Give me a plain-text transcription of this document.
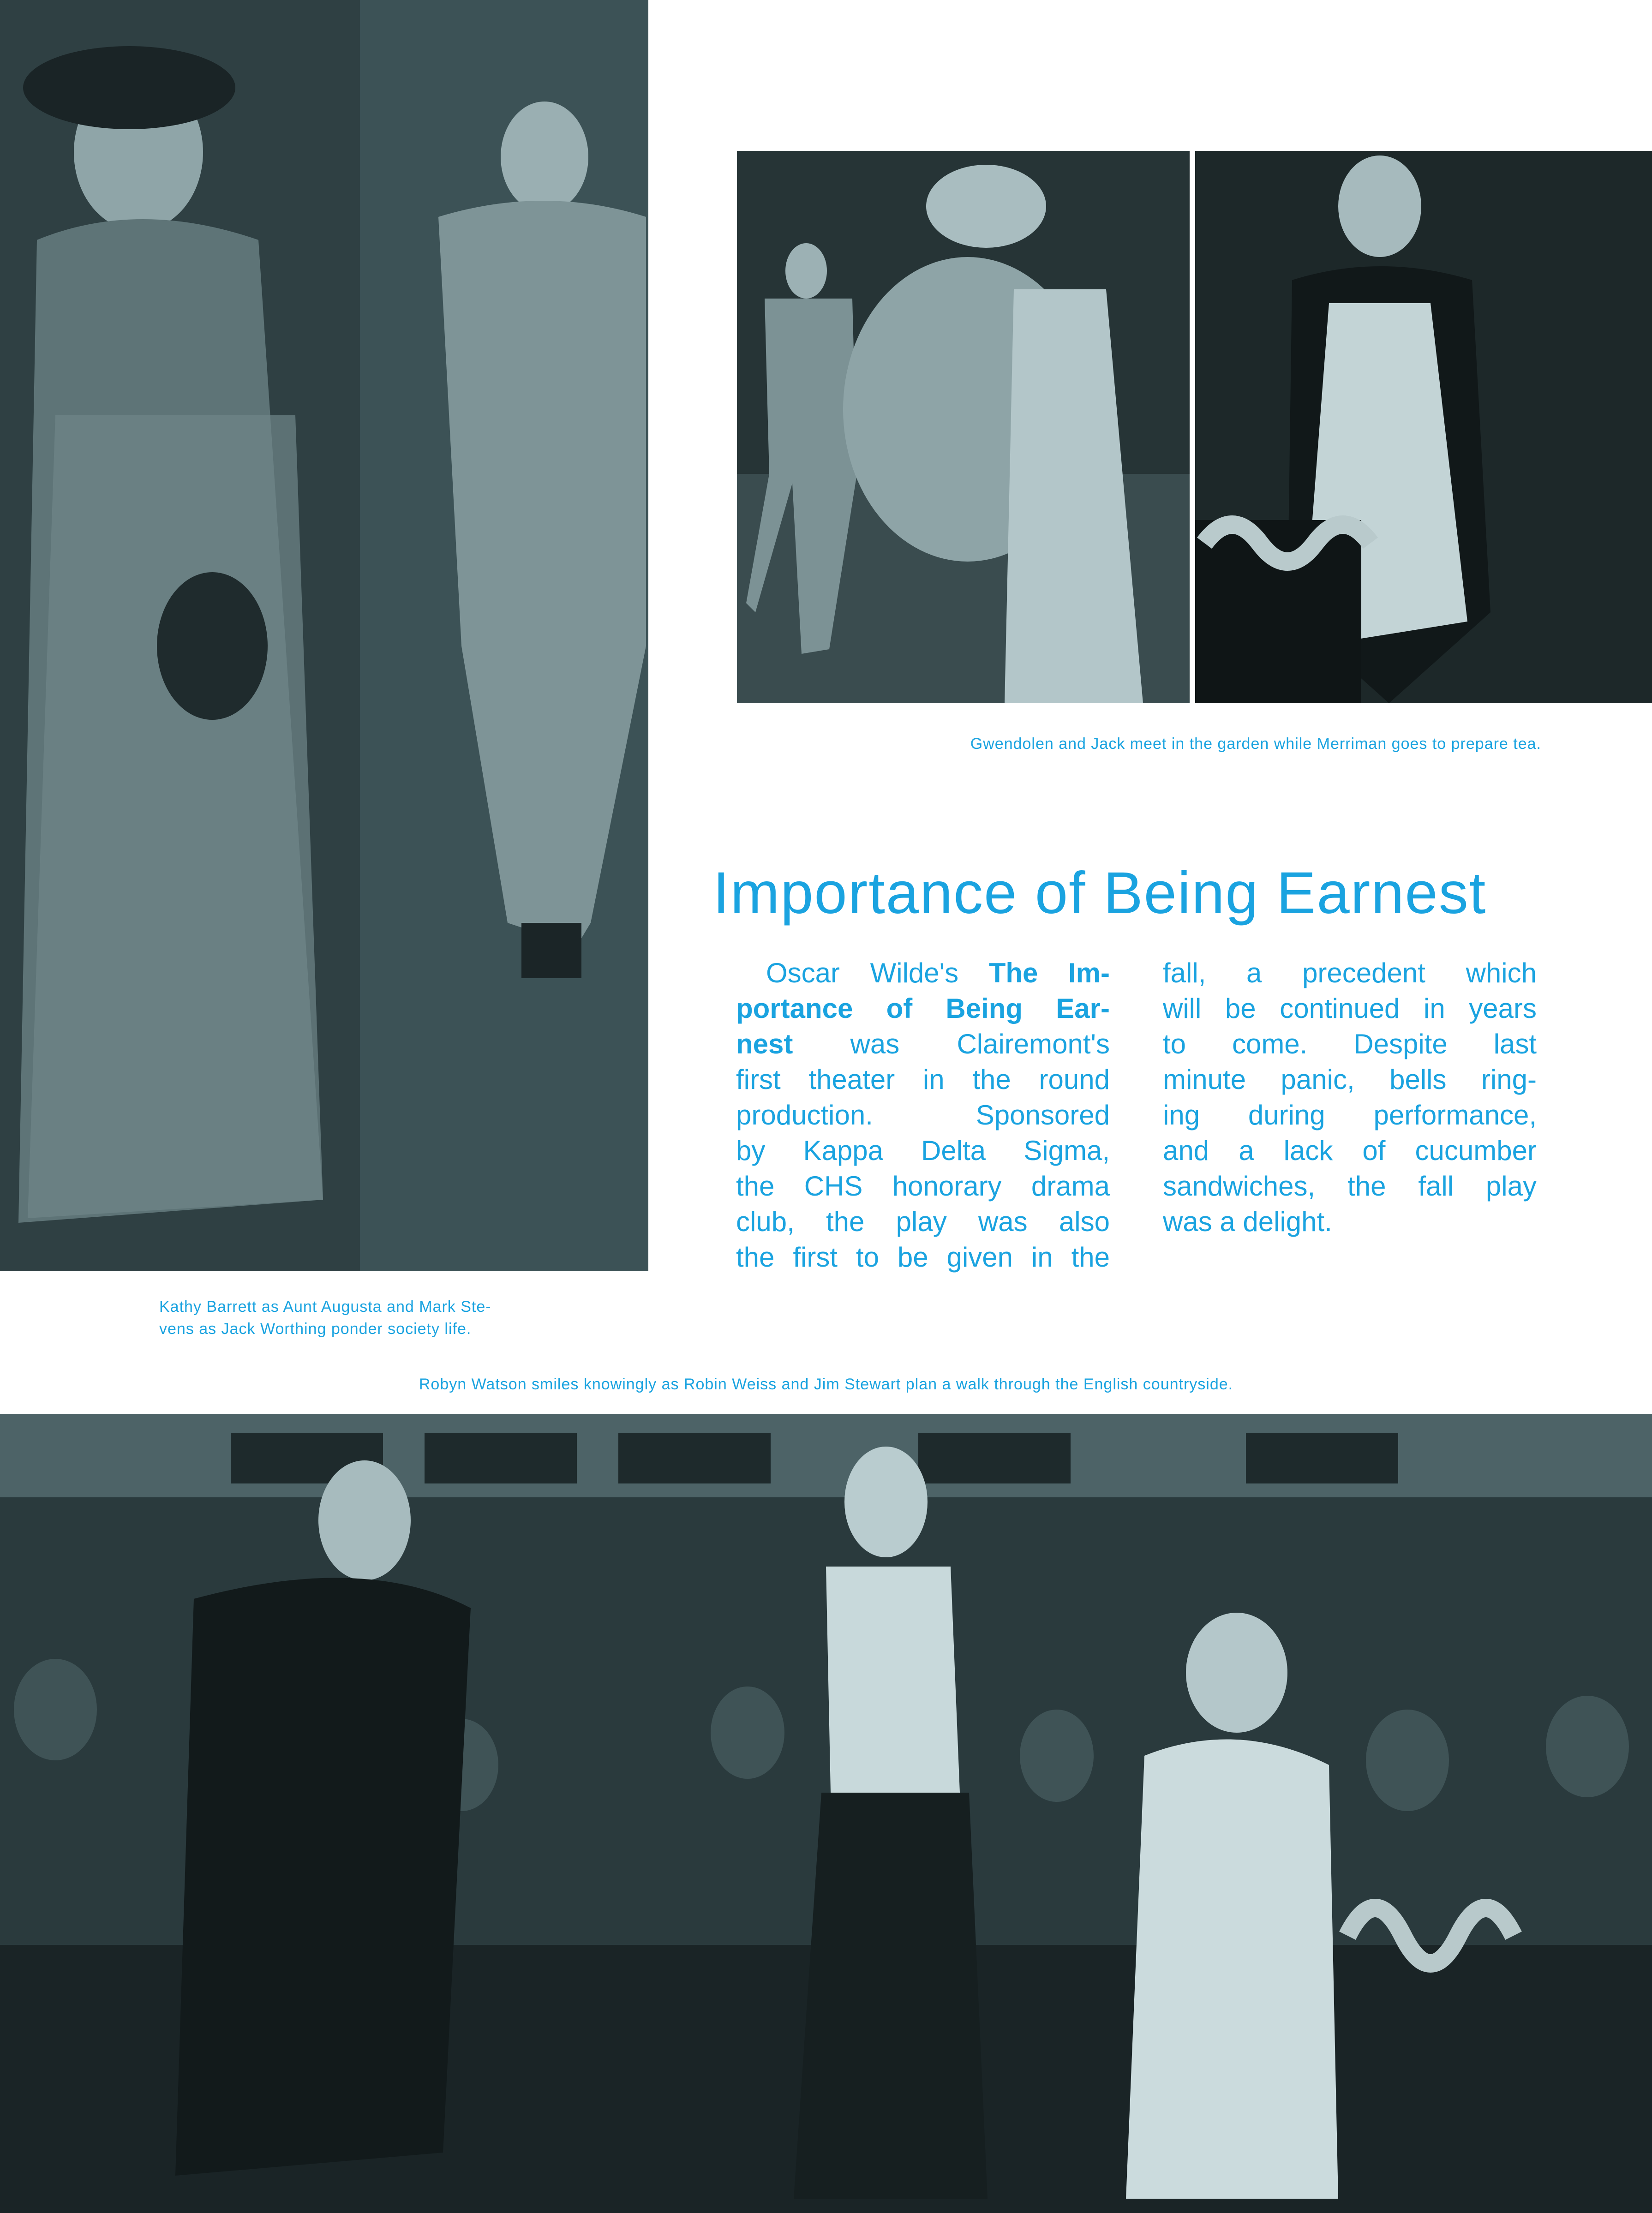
Gwendolen and Jack meet in the garden while Merriman goes to prepare tea.
Kathy Barrett as Aunt Augusta and Mark Ste-
vens as Jack Worthing ponder society life.
Robyn Watson smiles knowingly as Robin Weiss and Jim Stewart plan a walk through the English countryside.
Importance of Being Earnest
Oscar Wilde's The Im-
portance of Being Ear-
nest was Clairemont's
first theater in the round
production. Sponsored
by Kappa Delta Sigma,
the CHS honorary drama
club, the play was also
the first to be given in the
fall, a precedent which
will be continued in years
to come. Despite last
minute panic, bells ring-
ing during performance,
and a lack of cucumber
sandwiches, the fall play
was a delight.
